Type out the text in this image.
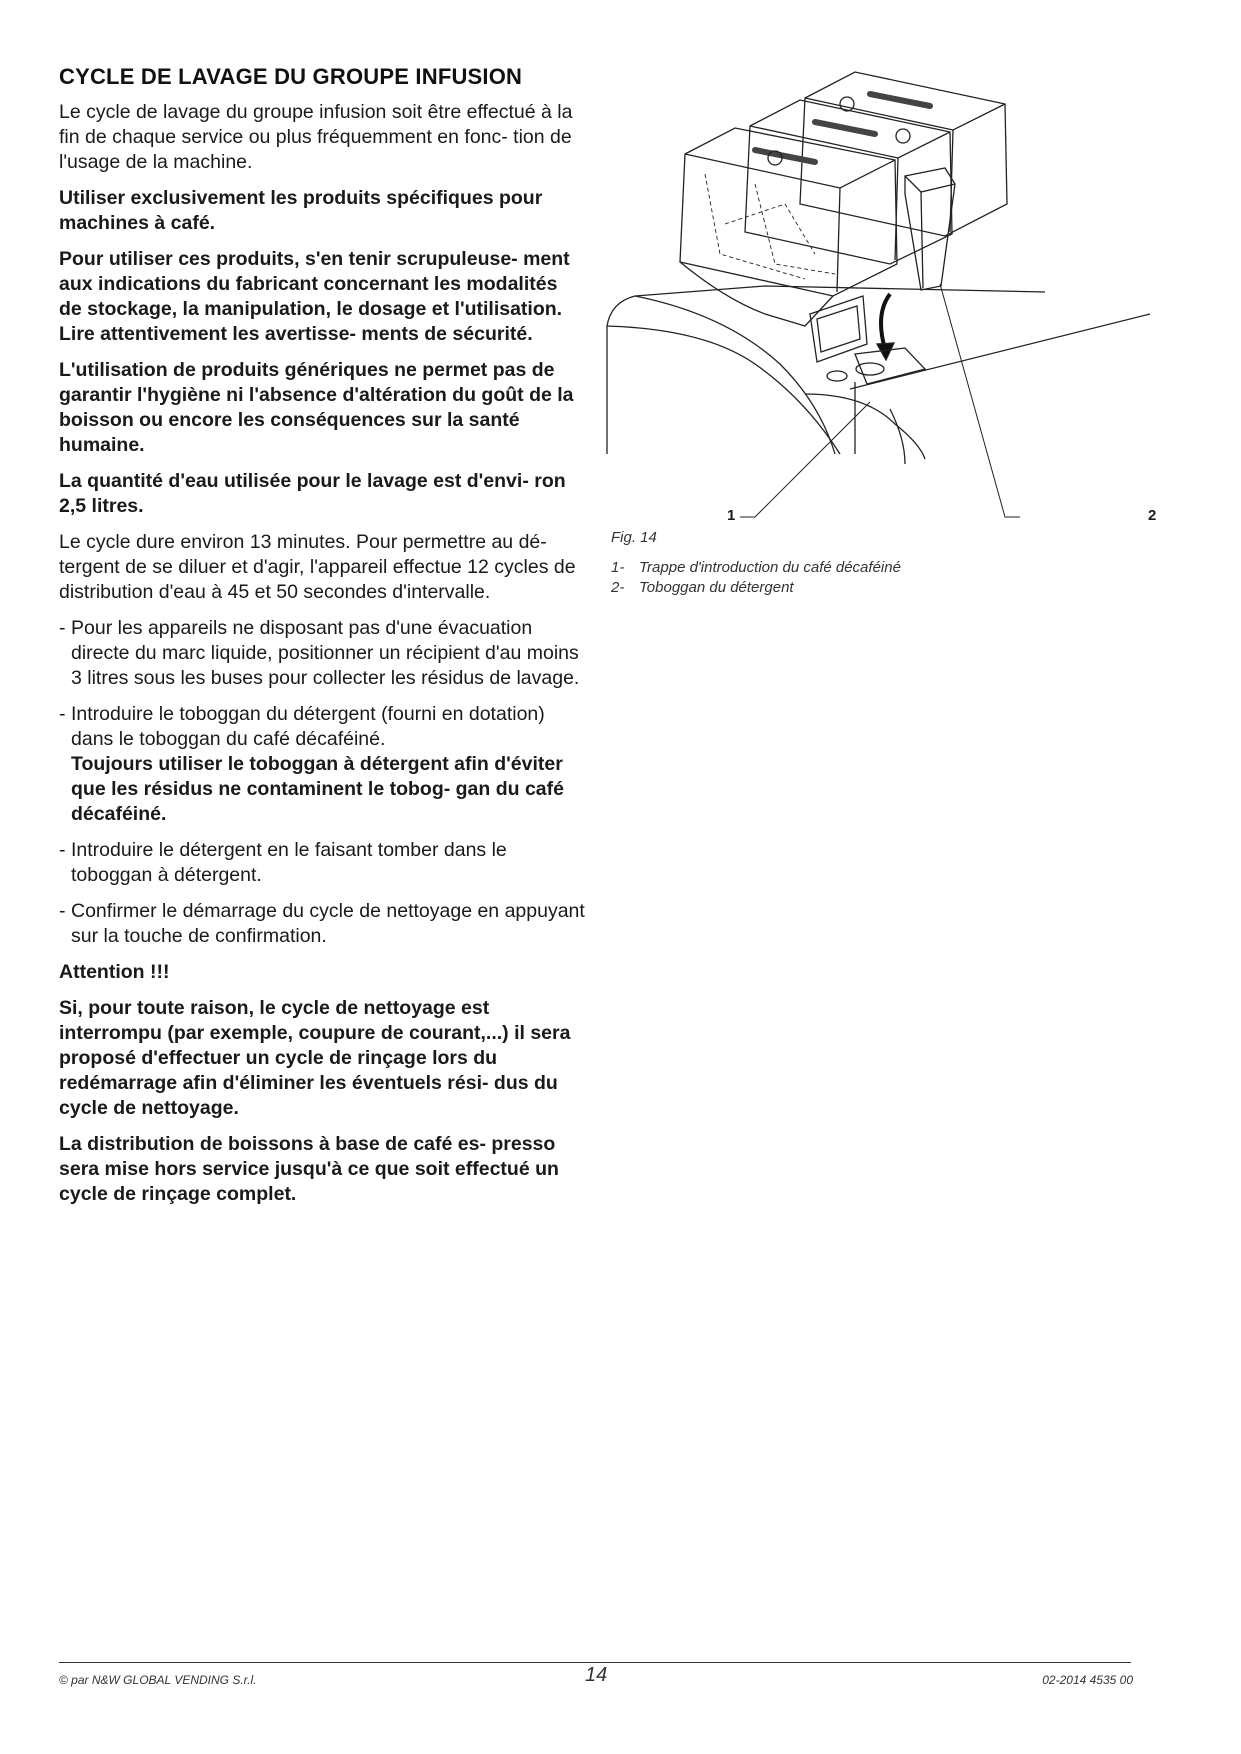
CYCLE DE LAVAGE DU GROUPE INFUSION

Le cycle de lavage du groupe infusion soit être effectué à la fin de chaque service ou plus fréquemment en fonc- tion de l'usage de la machine.

Utiliser exclusivement les produits spécifiques pour machines à café.

Pour utiliser ces produits, s'en tenir scrupuleuse- ment aux indications du fabricant concernant les modalités de stockage, la manipulation, le dosage et l'utilisation. Lire attentivement les avertisse- ments de sécurité.

L'utilisation de produits génériques ne permet pas de garantir l'hygiène ni l'absence d'altération du goût de la boisson ou encore les conséquences sur la santé humaine.

La quantité d'eau utilisée pour le lavage est d'envi- ron 2,5 litres.

Le cycle dure environ 13 minutes. Pour permettre au dé- tergent de se diluer et d'agir, l'appareil effectue 12 cycles de distribution d'eau à 45 et 50 secondes d'intervalle.

- Pour les appareils ne disposant pas d'une évacuation directe du marc liquide, positionner un récipient d'au moins 3 litres sous les buses pour collecter les résidus de lavage.
- Introduire le toboggan du détergent (fourni en dotation) dans le toboggan du café décaféiné.
Toujours utiliser le toboggan à détergent afin d'éviter que les résidus ne contaminent le tobog- gan du café décaféiné.
- Introduire le détergent en le faisant tomber dans le toboggan à détergent.
- Confirmer le démarrage du cycle de nettoyage en appuyant sur la touche de confirmation.

Attention !!!

Si, pour toute raison, le cycle de nettoyage est interrompu (par exemple, coupure de courant,...) il sera proposé d'effectuer un cycle de rinçage lors du redémarrage afin d'éliminer les éventuels rési- dus du cycle de nettoyage.

La distribution de boissons à base de café es- presso sera mise hors service jusqu'à ce que soit effectué un cycle de rinçage complet.

1	2
Fig. 14
1- Trappe d'introduction du café décaféiné
2- Toboggan du détergent
© par N&W GLOBAL VENDING S.r.l.	14	02-2014 4535 00
